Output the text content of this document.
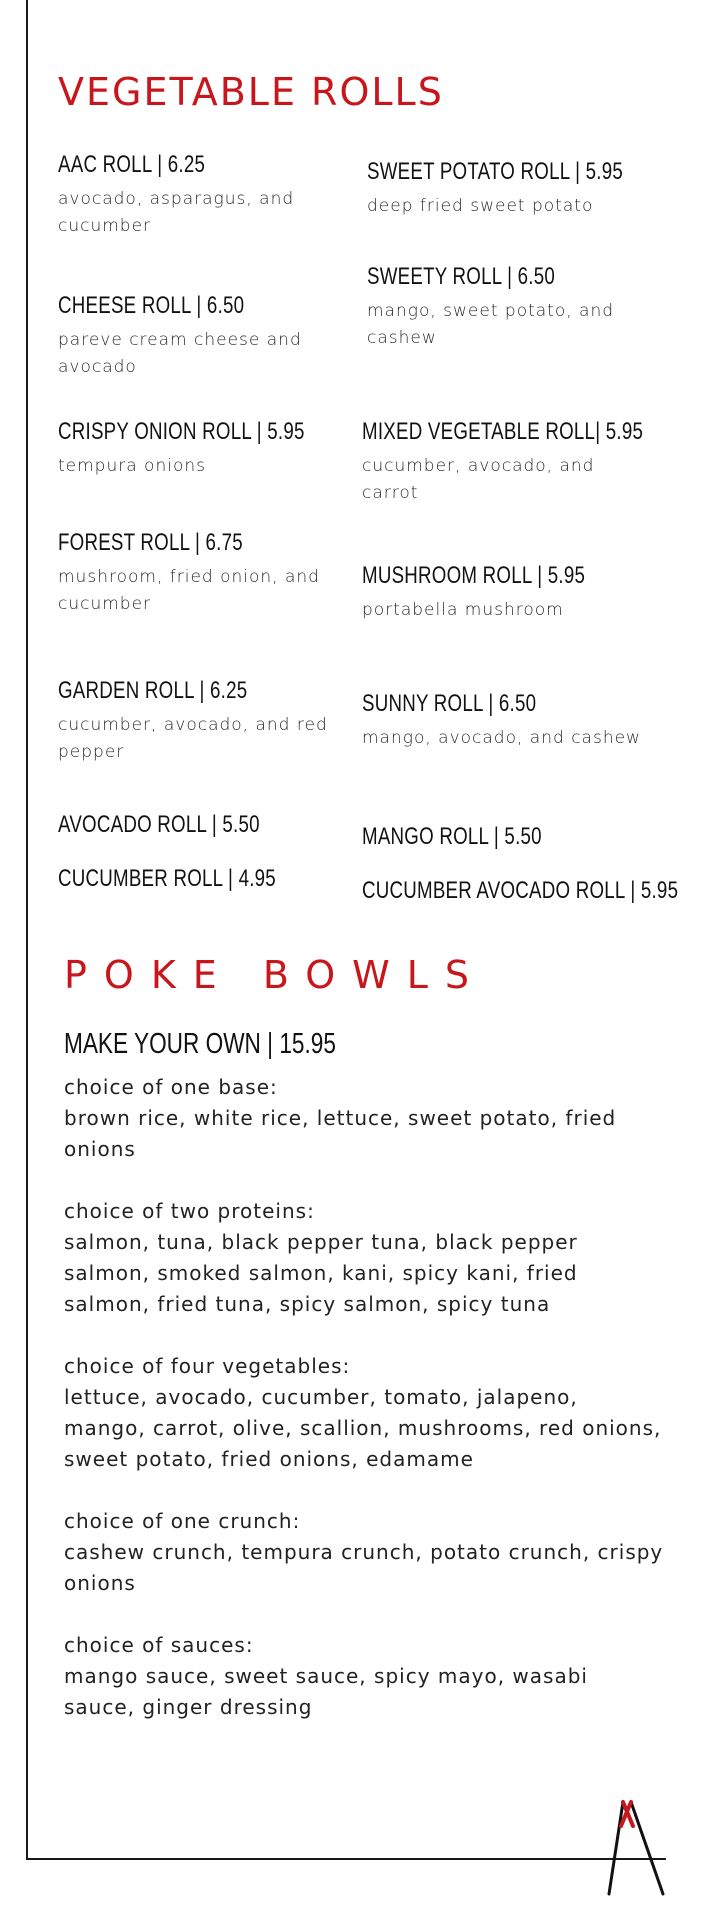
VEGETABLE ROLLS
AAC ROLL | 6.25
avocado, asparagus, and cucumber
CHEESE ROLL | 6.50
pareve cream cheese and avocado
CRISPY ONION ROLL | 5.95
tempura onions
FOREST ROLL | 6.75
mushroom, fried onion, and cucumber
GARDEN ROLL | 6.25
cucumber, avocado, and red pepper
AVOCADO ROLL | 5.50
CUCUMBER ROLL | 4.95
SWEET POTATO ROLL | 5.95
deep fried sweet potato
SWEETY ROLL | 6.50
mango, sweet potato, and cashew
MIXED VEGETABLE ROLL| 5.95
cucumber, avocado, and carrot
MUSHROOM ROLL | 5.95
portabella mushroom
SUNNY ROLL | 6.50
mango, avocado, and cashew
MANGO ROLL | 5.50
CUCUMBER AVOCADO ROLL | 5.95
POKE BOWLS
MAKE YOUR OWN | 15.95
choice of one base:
brown rice, white rice, lettuce, sweet potato, fried onions
choice of two proteins:
salmon, tuna, black pepper tuna, black pepper salmon, smoked salmon, kani, spicy kani, fried salmon, fried tuna, spicy salmon, spicy tuna
choice of four vegetables:
lettuce, avocado, cucumber, tomato, jalapeno, mango, carrot, olive, scallion, mushrooms, red onions, sweet potato, fried onions, edamame
choice of one crunch:
cashew crunch, tempura crunch, potato crunch, crispy onions
choice of sauces:
mango sauce, sweet sauce, spicy mayo, wasabi sauce, ginger dressing
